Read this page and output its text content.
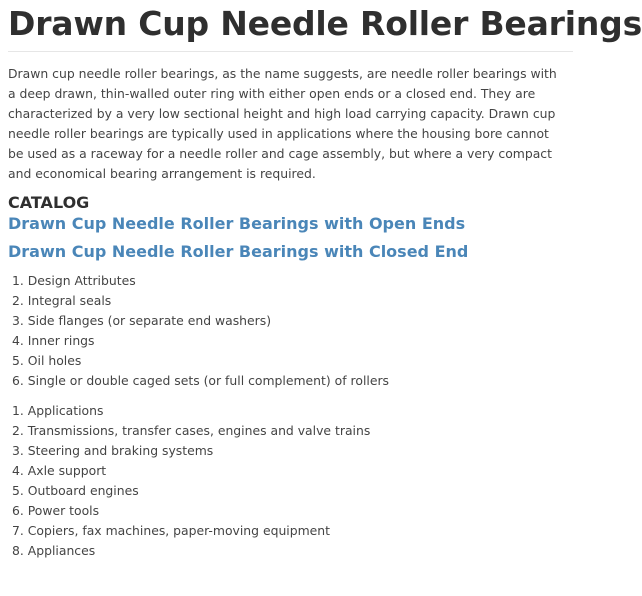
Drawn Cup Needle Roller Bearings

Drawn cup needle roller bearings, as the name suggests, are needle roller bearings with a deep drawn, thin-walled outer ring with either open ends or a closed end. They are characterized by a very low sectional height and high load carrying capacity. Drawn cup needle roller bearings are typically used in applications where the housing bore cannot be used as a raceway for a needle roller and cage assembly, but where a very compact and economical bearing arrangement is required.

CATALOG
Drawn Cup Needle Roller Bearings with Open Ends
Drawn Cup Needle Roller Bearings with Closed End
1. Design Attributes
2. Integral seals
3. Side flanges (or separate end washers)
4. Inner rings
5. Oil holes
6. Single or double caged sets (or full complement) of rollers
1. Applications
2. Transmissions, transfer cases, engines and valve trains
3. Steering and braking systems
4. Axle support
5. Outboard engines
6. Power tools
7. Copiers, fax machines, paper-moving equipment
8. Appliances
